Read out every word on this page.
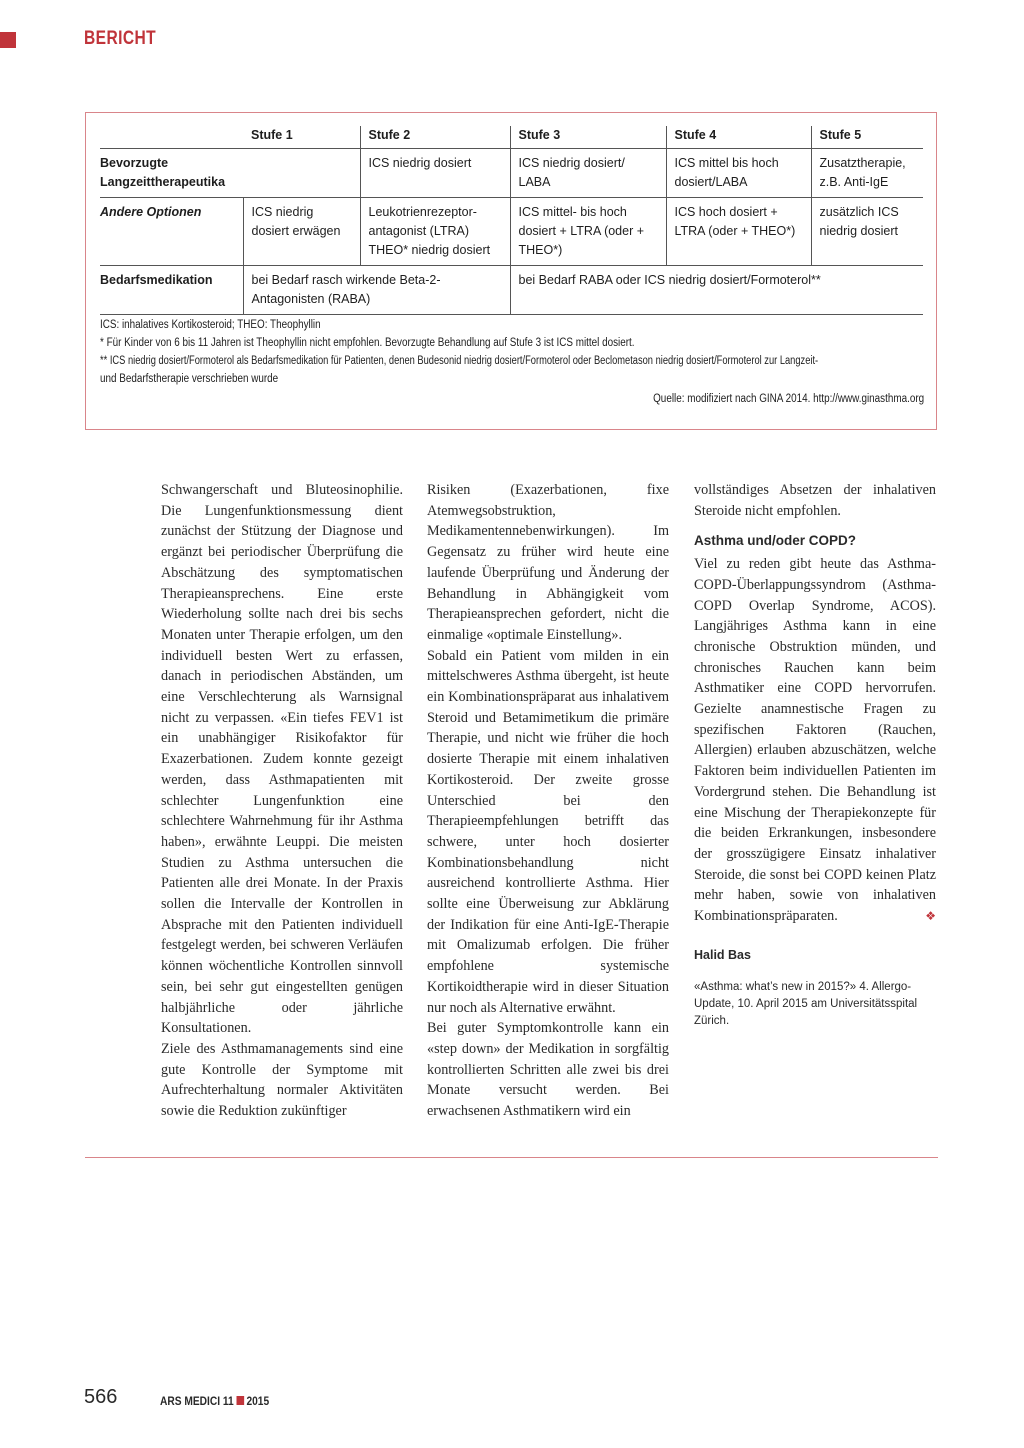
BERICHT
	Stufe 1	Stufe 2	Stufe 3	Stufe 4	Stufe 5
Bevorzugte Langzeittherapeutika		ICS niedrig dosiert	ICS niedrig dosiert/ LABA	ICS mittel bis hoch dosiert/LABA	Zusatztherapie, z.B. Anti-IgE
Andere Optionen	ICS niedrig dosiert erwägen	Leukotrienrezeptor-antagonist (LTRA) THEO* niedrig dosiert	ICS mittel- bis hoch dosiert + LTRA (oder + THEO*)	ICS hoch dosiert + LTRA (oder + THEO*)	zusätzlich ICS niedrig dosiert
Bedarfsmedikation	bei Bedarf rasch wirkende Beta-2-Antagonisten (RABA)		bei Bedarf RABA oder ICS niedrig dosiert/Formoterol**		
ICS: inhalatives Kortikosteroid; THEO: Theophyllin
* Für Kinder von 6 bis 11 Jahren ist Theophyllin nicht empfohlen. Bevorzugte Behandlung auf Stufe 3 ist ICS mittel dosiert.
** ICS niedrig dosiert/Formoterol als Bedarfsmedikation für Patienten, denen Budesonid niedrig dosiert/Formoterol oder Beclometason niedrig dosiert/Formoterol zur Langzeit-
und Bedarfstherapie verschrieben wurde
Quelle: modifiziert nach GINA 2014. http://www.ginasthma.org

Schwangerschaft und Bluteosinophilie. Die Lungenfunktionsmessung dient zunächst der Stützung der Diagnose und ergänzt bei periodischer Überprüfung die Abschätzung des symptomatischen Therapieansprechens. Eine erste Wiederholung sollte nach drei bis sechs Monaten unter Therapie erfolgen, um den individuell besten Wert zu erfassen, danach in periodischen Abständen, um eine Verschlechterung als Warnsignal nicht zu verpassen. «Ein tiefes FEV1 ist ein unabhängiger Risikofaktor für Exazerbationen. Zudem konnte gezeigt werden, dass Asthmapatienten mit schlechter Lungenfunktion eine schlechtere Wahrnehmung für ihr Asthma haben», erwähnte Leuppi. Die meisten Studien zu Asthma untersuchen die Patienten alle drei Monate. In der Praxis sollen die Intervalle der Kontrollen in Absprache mit den Patienten individuell festgelegt werden, bei schweren Verläufen können wöchentliche Kontrollen sinnvoll sein, bei sehr gut eingestellten genügen halbjährliche oder jährliche Konsultationen.

Ziele des Asthmamanagements sind eine gute Kontrolle der Symptome mit Aufrechterhaltung normaler Aktivitäten sowie die Reduktion zukünftiger

Risiken (Exazerbationen, fixe Atemwegsobstruktion, Medikamentennebenwirkungen). Im Gegensatz zu früher wird heute eine laufende Überprüfung und Änderung der Behandlung in Abhängigkeit vom Therapieansprechen gefordert, nicht die einmalige «optimale Einstellung».

Sobald ein Patient vom milden in ein mittelschweres Asthma übergeht, ist heute ein Kombinationspräparat aus inhalativem Steroid und Betamimetikum die primäre Therapie, und nicht wie früher die hoch dosierte Therapie mit einem inhalativen Kortikosteroid. Der zweite grosse Unterschied bei den Therapieempfehlungen betrifft das schwere, unter hoch dosierter Kombinationsbehandlung nicht ausreichend kontrollierte Asthma. Hier sollte eine Überweisung zur Abklärung der Indikation für eine Anti-IgE-Therapie mit Omalizumab erfolgen. Die früher empfohlene systemische Kortikoidtherapie wird in dieser Situation nur noch als Alternative erwähnt.

Bei guter Symptomkontrolle kann ein «step down» der Medikation in sorgfältig kontrollierten Schritten alle zwei bis drei Monate versucht werden. Bei erwachsenen Asthmatikern wird ein

vollständiges Absetzen der inhalativen Steroide nicht empfohlen.

Asthma und/oder COPD?

Viel zu reden gibt heute das Asthma-COPD-Überlappungssyndrom (Asthma-COPD Overlap Syndrome, ACOS). Langjähriges Asthma kann in eine chronische Obstruktion münden, und chronisches Rauchen kann beim Asthmatiker eine COPD hervorrufen. Gezielte anamnestische Fragen zu spezifischen Faktoren (Rauchen, Allergien) erlauben abzuschätzen, welche Faktoren beim individuellen Patienten im Vordergrund stehen. Die Behandlung ist eine Mischung der Therapiekonzepte für die beiden Erkrankungen, insbesondere der grosszügigere Einsatz inhalativer Steroide, die sonst bei COPD keinen Platz mehr haben, sowie von inhalativen Kombinationspräparaten.	❖

Halid Bas
«Asthma: what’s new in 2015?» 4. Allergo-Update, 10. April 2015 am Universitätsspital Zürich.
566	ARS MEDICI 11 2015
